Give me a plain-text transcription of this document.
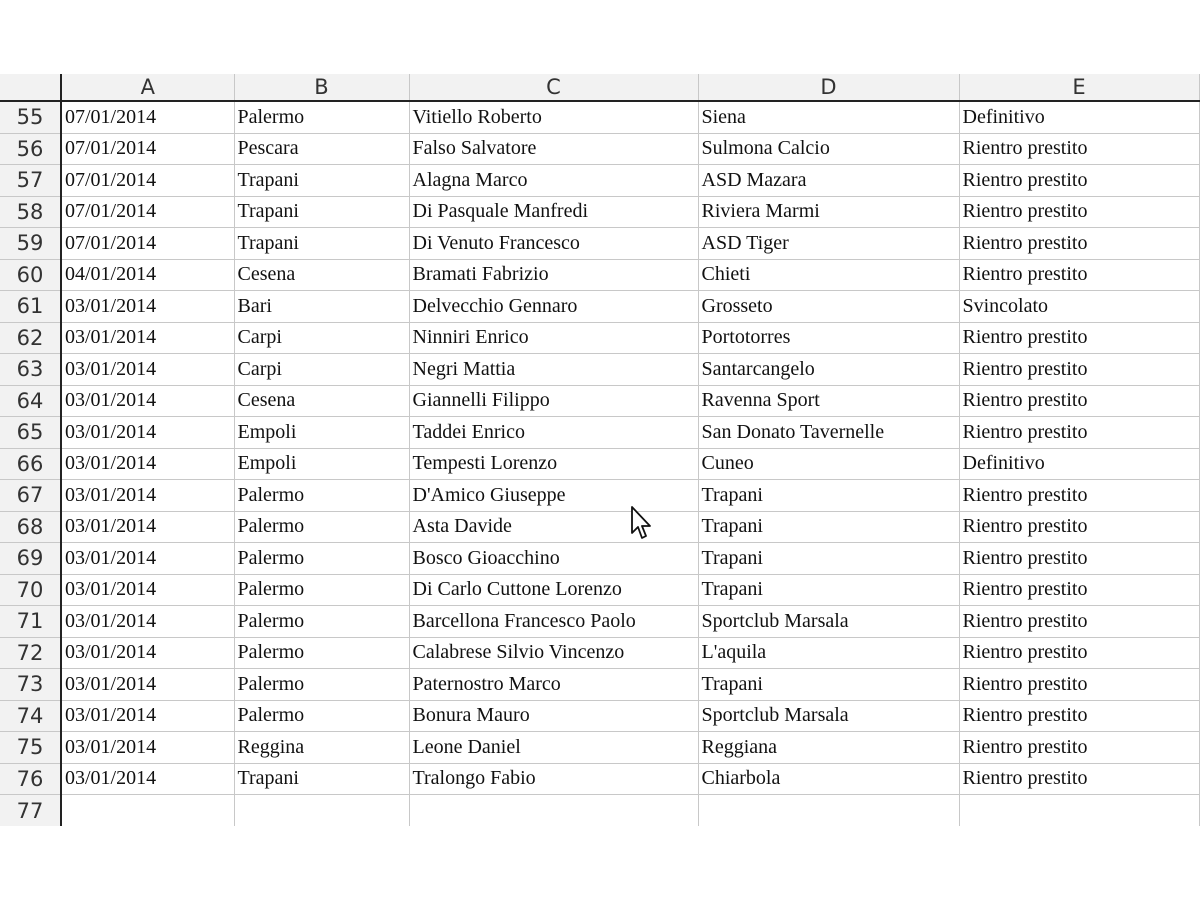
	A	B	C	D	E
55	07/01/2014	Palermo	Vitiello Roberto	Siena	Definitivo
56	07/01/2014	Pescara	Falso Salvatore	Sulmona Calcio	Rientro prestito
57	07/01/2014	Trapani	Alagna Marco	ASD Mazara	Rientro prestito
58	07/01/2014	Trapani	Di Pasquale Manfredi	Riviera Marmi	Rientro prestito
59	07/01/2014	Trapani	Di Venuto Francesco	ASD Tiger	Rientro prestito
60	04/01/2014	Cesena	Bramati Fabrizio	Chieti	Rientro prestito
61	03/01/2014	Bari	Delvecchio Gennaro	Grosseto	Svincolato
62	03/01/2014	Carpi	Ninniri Enrico	Portotorres	Rientro prestito
63	03/01/2014	Carpi	Negri Mattia	Santarcangelo	Rientro prestito
64	03/01/2014	Cesena	Giannelli Filippo	Ravenna Sport	Rientro prestito
65	03/01/2014	Empoli	Taddei Enrico	San Donato Tavernelle	Rientro prestito
66	03/01/2014	Empoli	Tempesti Lorenzo	Cuneo	Definitivo
67	03/01/2014	Palermo	D'Amico Giuseppe	Trapani	Rientro prestito
68	03/01/2014	Palermo	Asta Davide	Trapani	Rientro prestito
69	03/01/2014	Palermo	Bosco Gioacchino	Trapani	Rientro prestito
70	03/01/2014	Palermo	Di Carlo Cuttone Lorenzo	Trapani	Rientro prestito
71	03/01/2014	Palermo	Barcellona Francesco Paolo	Sportclub Marsala	Rientro prestito
72	03/01/2014	Palermo	Calabrese Silvio Vincenzo	L'aquila	Rientro prestito
73	03/01/2014	Palermo	Paternostro Marco	Trapani	Rientro prestito
74	03/01/2014	Palermo	Bonura Mauro	Sportclub Marsala	Rientro prestito
75	03/01/2014	Reggina	Leone Daniel	Reggiana	Rientro prestito
76	03/01/2014	Trapani	Tralongo Fabio	Chiarbola	Rientro prestito
77					
